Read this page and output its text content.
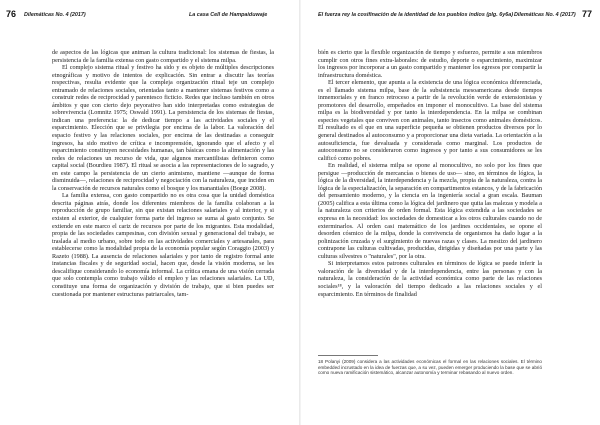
76 Dilemáticas No. 4 (2017)	La casa Cell de Hampaiduwaje

de aspectos de las lógicas que animan la cultura tradicional: los sistemas de fiestas, la persistencia de la familia extensa con gasto compartido y el sistema milpa.

El complejo sistema ritual y festivo ha sido y es objeto de múltiples descripciones etnográficas y motivo de intentos de explicación. Sin entrar a discutir las teorías respectivas, resulta evidente que la compleja organización ritual teje un complejo entramado de relaciones sociales, orientadas tanto a mantener sistemas festivos como a construir redes de reciprocidad y parentesco ficticio. Redes que incluso también en otros ámbitos y que con cierto dejo peyorativo han sido interpretadas como estrategias de sobrevivencia (Lomnitz 1975; Oswald 1991). La persistencia de los sistemas de fiestas, indican una preferencia: la de dedicar tiempo a las actividades sociales y el esparcimiento. Elección que se privilegia por encima de la labor. La valoración del espacio festivo y las relaciones sociales, por encima de las destinadas a conseguir ingresos, ha sido motivo de crítica e incomprensión, ignorando que el afecto y el esparcimiento constituyen necesidades humanas, tan básicas como la alimentación y las redes de relaciones un recurso de vida, que algunos mercantilistas definieron como capital social (Bourdieu 1987). El ritual se asocia a las representaciones de lo sagrado, y en este campo la persistencia de un cierto animismo, mantiene —aunque de forma disminuida—, relaciones de reciprocidad y negociación con la naturaleza, que inciden en la conservación de recursos naturales como el bosque y los manantiales (Boege 2008).

La familia extensa, con gasto compartido no es otra cosa que la unidad doméstica descrita páginas atrás, donde los diferentes miembros de la familia colaboran a la reproducción de grupo familiar, sin que existan relaciones salariales y al interior, y si existen al exterior, de cualquier forma parte del ingreso se suma al gasto conjunto. Se extiende en este marco el cariz de recursos por parte de los migrantes. Esta modalidad, propia de las sociedades campesinas, con división sexual y generacional del trabajo, se traslada al medio urbano, sobre todo en las actividades comerciales y artesanales, para establecerse como la modalidad propia de la economía popular según Coraggio (2003) y Razeto (1988). La ausencia de relaciones salariales y por tanto de registro formal ante instancias fiscales y de seguridad social, hacen que, desde la visión moderna, se les descalifique considerando lo economía informal. La crítica emana de una visión cerrada que solo contempla como trabajo válido el empleo y las relaciones salariales. La UD, constituye una forma de organización y división de trabajo, que si bien puedes ser cuestionada por mantener estructuras patriarcales, tam-

El fuerza rey la cosifinación de la identidad de los pueblos indios (plg. 6y6a) Dilemáticas No. 4 (2017) 77

bién es cierto que la flexible organización de tiempo y esfuerzo, permite a sus miembros cumplir con otros fines extra-laborales: de estudio, deporte o esparcimiento, maximizar los ingresos por incorporar a un gasto compartido y mantener los egresos por compartir la infraestructura doméstica.

El tercer elemento, que apunta a la existencia de una lógica económica diferenciada, es el llamado sistema milpa, base de la subsistencia mesoamericana desde tiempos inmemoriales y en franco retroceso a partir de la revolución verde de extensionistas y promotores del desarrollo, empeñados en imponer el monocultivo. La base del sistema milpa es la biodiversidad y por tanto la interdependencia. En la milpa se combinan especies vegetales que conviven con animales, tanto insectos como animales domésticos. El resultado es el que en una superficie pequeña se obtienen productos diversos por lo general destinados al autoconsumo y a proporcionar una dieta variada. La orientación a la autosuficiencia, fue devaluada y considerada como marginal. Los productos de autoconsumo no se consideraron como ingresos y por tanto a sus consumidores se les calificó como pobres.

En realidad, el sistema milpa se opone al monocultivo, no solo por los fines que persigue —producción de mercancías o bienes de uso— sino, en términos de lógica, la lógica de la diversidad, la interdependencia y la mezcla, propia de la naturaleza, contra la lógica de la especialización, la separación en compartimentos estancos, y de la fabricación del pensamiento moderno, y la ciencia en la ingeniería social a gran escala. Bauman (2005) califica a esta última como la lógica del jardinero que quita las malezas y modela a la naturaleza con criterios de orden formal. Esta lógica extendida a las sociedades se expresa en la necesidad: los sociedades de domesticar a los otros culturales cuando no de exterminarlos. Al orden casi matemático de los jardines occidentales, se opone el desorden cósmico de la milpa, donde la convivencia de organismos ha dado lugar a la polinización cruzada y el surgimiento de nuevas razas y clases. La mestizo del jardinero contrapone las culturas cultivadas, producidas, dirigidas y diseñadas por una parte y las culturas silvestres o "naturales", por la otra.

Si interpretamos estos patrones culturales en términos de lógica se puede inferir la valoración de la diversidad y de la interdependencia, entre las personas y con la naturaleza, la consideración de la actividad económica como parte de las relaciones sociales¹⁸, y la valoración del tiempo dedicado a las relaciones sociales y el esparcimiento. En términos de finalidad

18 Polanyi (2009) considera a las actividades económicas el formal en las relaciones sociales. El término embedded incrustado en la idea de fuerzas que, a su vez, pueden emerger produciendo la base que se abrió como nueva ramificación sistemático, alcanzar autonomía y terminar rebasando al nuevo orden.
